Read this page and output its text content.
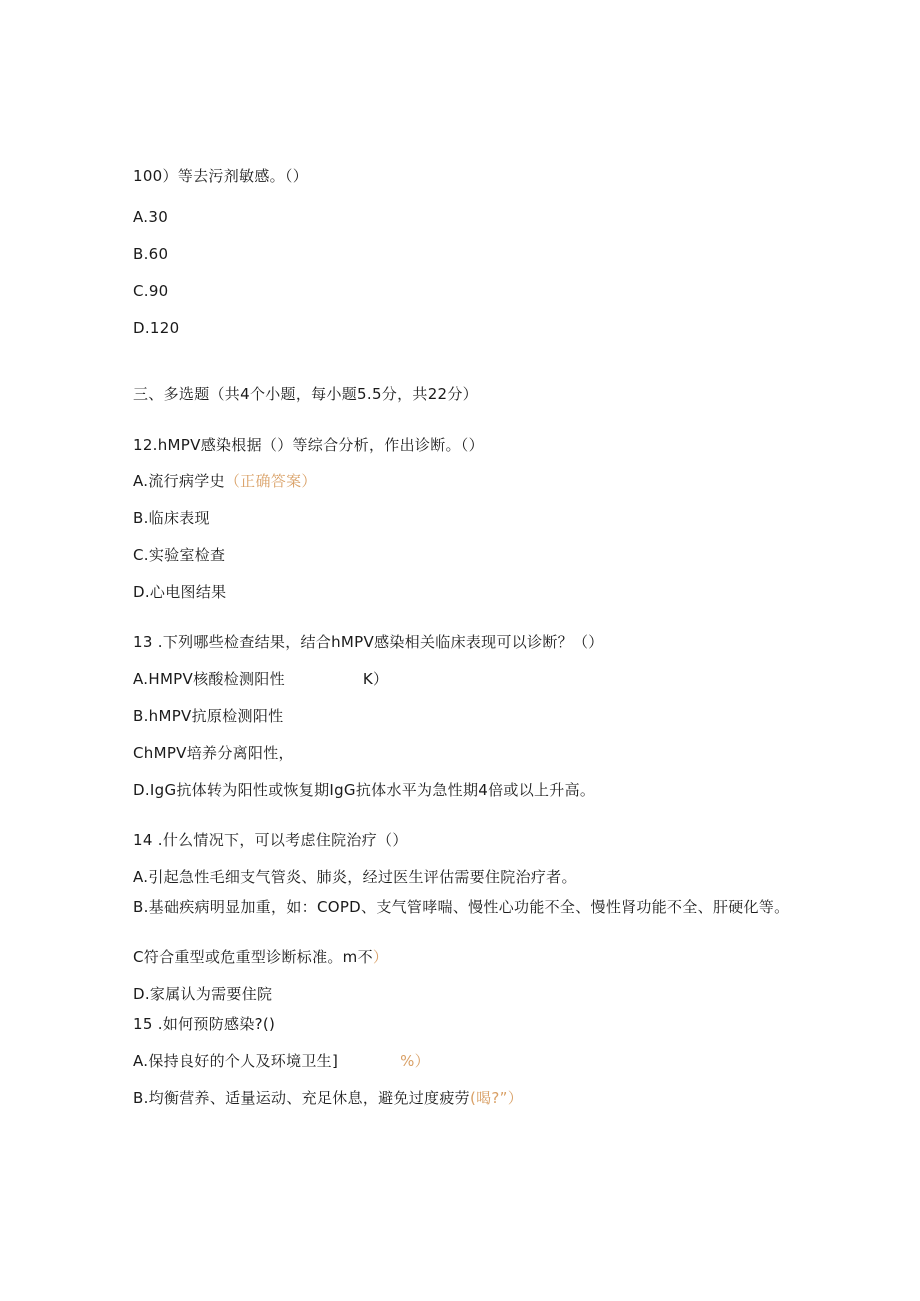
100）等去污剂敏感。（）
A.30
B.60
C.90
D.120
三、多选题（共4个小题，每小题5.5分，共22分）
12.hMPV感染根据（）等综合分析，作出诊断。（）
A.流行病学史（正确答案）
B.临床表现
C.实验室检查
D.心电图结果
13 .下列哪些检查结果，结合hMPV感染相关临床表现可以诊断？（）
A.HMPV核酸检测阳性	K）
B.hMPV抗原检测阳性
ChMPV培养分离阳性，
D.IgG抗体转为阳性或恢复期IgG抗体水平为急性期4倍或以上升高。
14 .什么情况下，可以考虑住院治疗（）
A.引起急性毛细支气管炎、肺炎，经过医生评估需要住院治疗者。
B.基础疾病明显加重，如：COPD、支气管哮喘、慢性心功能不全、慢性肾功能不全、肝硬化等。
C符合重型或危重型诊断标准。m不）
D.家属认为需要住院
15 .如何预防感染?()
A.保持良好的个人及环境卫生]	%）
B.均衡营养、适量运动、充足休息，避免过度疲劳(喝?”）
